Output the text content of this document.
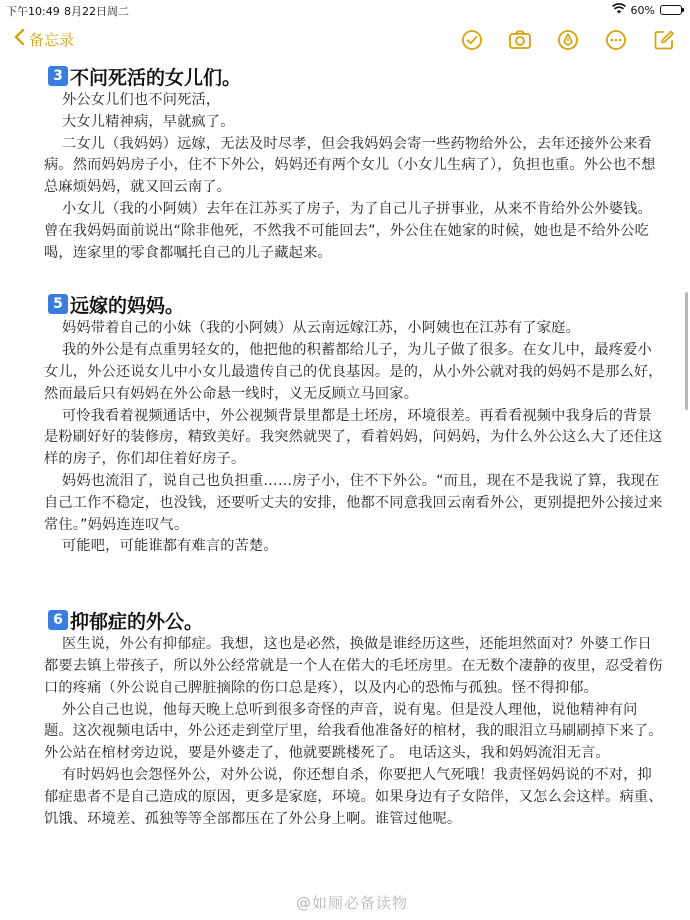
下午10:49 8月22日周二	60%
备忘录
3 不问死活的女儿们。

外公女儿们也不问死活，

大女儿精神病，早就疯了。

二女儿（我妈妈）远嫁，无法及时尽孝，但会我妈妈会寄一些药物给外公，去年还接外公来看病。然而妈妈房子小，住不下外公，妈妈还有两个女儿（小女儿生病了），负担也重。外公也不想总麻烦妈妈，就又回云南了。

小女儿（我的小阿姨）去年在江苏买了房子，为了自己儿子拼事业，从来不肯给外公外婆钱。曾在我妈妈面前说出“除非他死，不然我不可能回去”，外公住在她家的时候，她也是不给外公吃喝，连家里的零食都嘱托自己的儿子藏起来。

5 远嫁的妈妈。

妈妈带着自己的小妹（我的小阿姨）从云南远嫁江苏，小阿姨也在江苏有了家庭。

我的外公是有点重男轻女的，他把他的积蓄都给儿子，为儿子做了很多。在女儿中，最疼爱小女儿，外公还说女儿中小女儿最遗传自己的优良基因。是的，从小外公就对我的妈妈不是那么好，然而最后只有妈妈在外公命悬一线时，义无反顾立马回家。

可怜我看着视频通话中，外公视频背景里都是土坯房，环境很差。再看看视频中我身后的背景是粉刷好好的装修房，精致美好。我突然就哭了，看着妈妈，问妈妈，为什么外公这么大了还住这样的房子，你们却住着好房子。

妈妈也流泪了，说自己也负担重……房子小，住不下外公。“而且，现在不是我说了算，我现在自己工作不稳定，也没钱，还要听丈夫的安排，他都不同意我回云南看外公，更别提把外公接过来常住。”妈妈连连叹气。

可能吧，可能谁都有难言的苦楚。

6 抑郁症的外公。

医生说，外公有抑郁症。我想，这也是必然，换做是谁经历这些，还能坦然面对？外婆工作日都要去镇上带孩子，所以外公经常就是一个人在偌大的毛坯房里。在无数个凄静的夜里，忍受着伤口的疼痛（外公说自己脾脏摘除的伤口总是疼），以及内心的恐怖与孤独。怪不得抑郁。

外公自己也说，他每天晚上总听到很多奇怪的声音，说有鬼。但是没人理他，说他精神有问题。这次视频电话中，外公还走到堂厅里，给我看他准备好的棺材，我的眼泪立马刷刷掉下来了。外公站在棺材旁边说，要是外婆走了，他就要跳楼死了。 电话这头，我和妈妈流泪无言。

有时妈妈也会怨怪外公，对外公说，你还想自杀，你要把人气死哦！我责怪妈妈说的不对，抑郁症患者不是自己造成的原因，更多是家庭，环境。如果身边有子女陪伴，又怎么会这样。病重、饥饿、环境差、孤独等等全部都压在了外公身上啊。谁管过他呢。

@如厕必备读物
